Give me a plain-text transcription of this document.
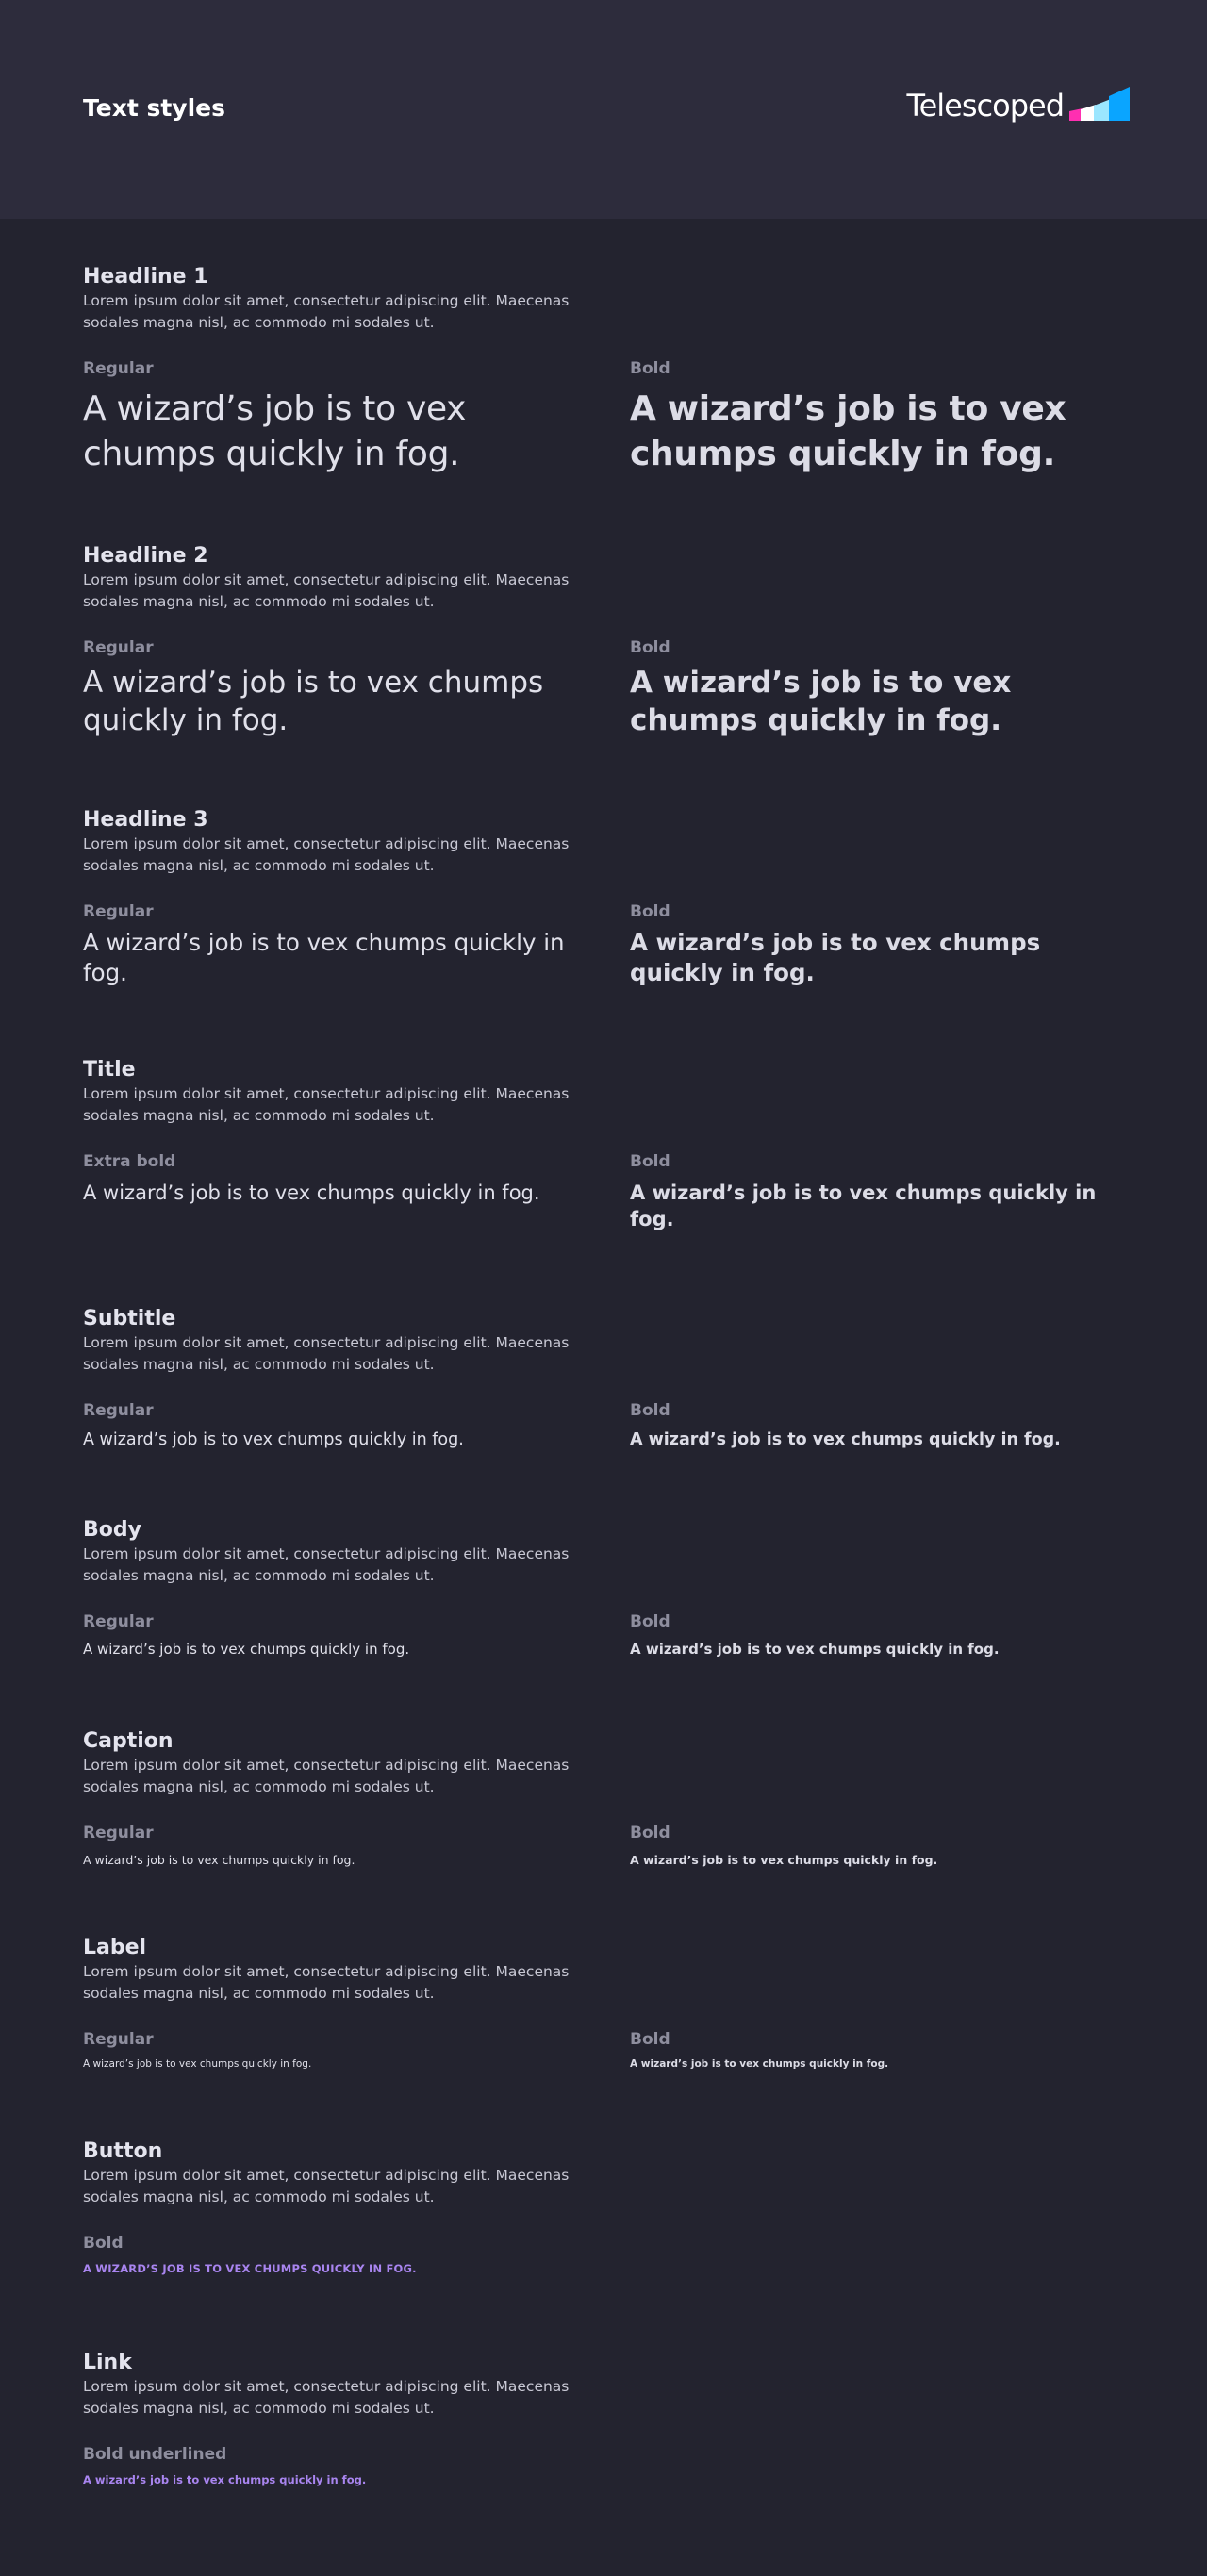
Text styles	Telescoped
Headline 1

Lorem ipsum dolor sit amet, consectetur adipiscing elit. Maecenas sodales magna nisl, ac commodo mi sodales ut.

Regular

A wizard’s job is to vex chumps quickly in fog.

Bold

A wizard’s job is to vex chumps quickly in fog.

Headline 2

Lorem ipsum dolor sit amet, consectetur adipiscing elit. Maecenas sodales magna nisl, ac commodo mi sodales ut.

Regular

A wizard’s job is to vex chumps quickly in fog.

Bold

A wizard’s job is to vex chumps quickly in fog.

Headline 3

Lorem ipsum dolor sit amet, consectetur adipiscing elit. Maecenas sodales magna nisl, ac commodo mi sodales ut.

Regular

A wizard’s job is to vex chumps quickly in fog.

Bold

A wizard’s job is to vex chumps quickly in fog.

Title

Lorem ipsum dolor sit amet, consectetur adipiscing elit. Maecenas sodales magna nisl, ac commodo mi sodales ut.

Extra bold

A wizard’s job is to vex chumps quickly in fog.

Bold

A wizard’s job is to vex chumps quickly in fog.

Subtitle

Lorem ipsum dolor sit amet, consectetur adipiscing elit. Maecenas sodales magna nisl, ac commodo mi sodales ut.

Regular

A wizard’s job is to vex chumps quickly in fog.

Bold

A wizard’s job is to vex chumps quickly in fog.

Body

Lorem ipsum dolor sit amet, consectetur adipiscing elit. Maecenas sodales magna nisl, ac commodo mi sodales ut.

Regular

A wizard’s job is to vex chumps quickly in fog.

Bold

A wizard’s job is to vex chumps quickly in fog.

Caption

Lorem ipsum dolor sit amet, consectetur adipiscing elit. Maecenas sodales magna nisl, ac commodo mi sodales ut.

Regular

A wizard’s job is to vex chumps quickly in fog.

Bold

A wizard’s job is to vex chumps quickly in fog.

Label

Lorem ipsum dolor sit amet, consectetur adipiscing elit. Maecenas sodales magna nisl, ac commodo mi sodales ut.

Regular

A wizard’s job is to vex chumps quickly in fog.

Bold

A wizard’s job is to vex chumps quickly in fog.

Button

Lorem ipsum dolor sit amet, consectetur adipiscing elit. Maecenas sodales magna nisl, ac commodo mi sodales ut.

Bold

A WIZARD’S JOB IS TO VEX CHUMPS QUICKLY IN FOG.

Link

Lorem ipsum dolor sit amet, consectetur adipiscing elit. Maecenas sodales magna nisl, ac commodo mi sodales ut.

Bold underlined

A wizard’s job is to vex chumps quickly in fog.
